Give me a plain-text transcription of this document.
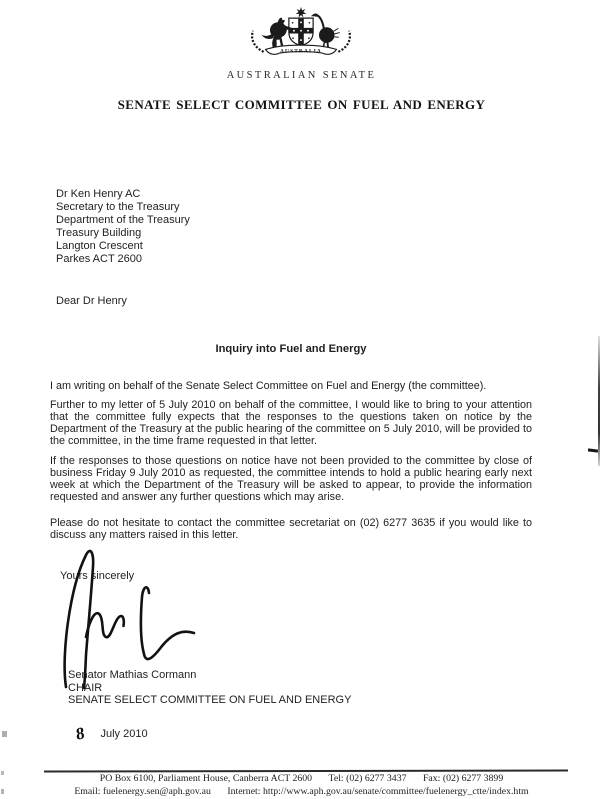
AUSTRALIA
AUSTRALIAN SENATE
SENATE SELECT COMMITTEE ON FUEL AND ENERGY
Dr Ken Henry AC
Secretary to the Treasury
Department of the Treasury
Treasury Building
Langton Crescent
Parkes ACT 2600
Dear Dr Henry
Inquiry into Fuel and Energy

I am writing on behalf of the Senate Select Committee on Fuel and Energy (the committee).

Further to my letter of 5 July 2010 on behalf of the committee, I would like to bring to your attention that the committee fully expects that the responses to the questions taken on notice by the Department of the Treasury at the public hearing of the committee on 5 July 2010, will be provided to the committee, in the time frame requested in that letter.

If the responses to those questions on notice have not been provided to the committee by close of business Friday 9 July 2010 as requested, the committee intends to hold a public hearing early next week at which the Department of the Treasury will be asked to appear, to provide the information requested and answer any further questions which may arise.

Please do not hesitate to contact the committee secretariat on (02) 6277 3635 if you would like to discuss any matters raised in this letter.

Yours sincerely
Senator Mathias Cormann
CHAIR
SENATE SELECT COMMITTEE ON FUEL AND ENERGY
8 July 2010
PO Box 6100, Parliament House, Canberra ACT 2600 Tel: (02) 6277 3437 Fax: (02) 6277 3899
Email: fuelenergy.sen@aph.gov.au Internet: http://www.aph.gov.au/senate/committee/fuelenergy_ctte/index.htm
